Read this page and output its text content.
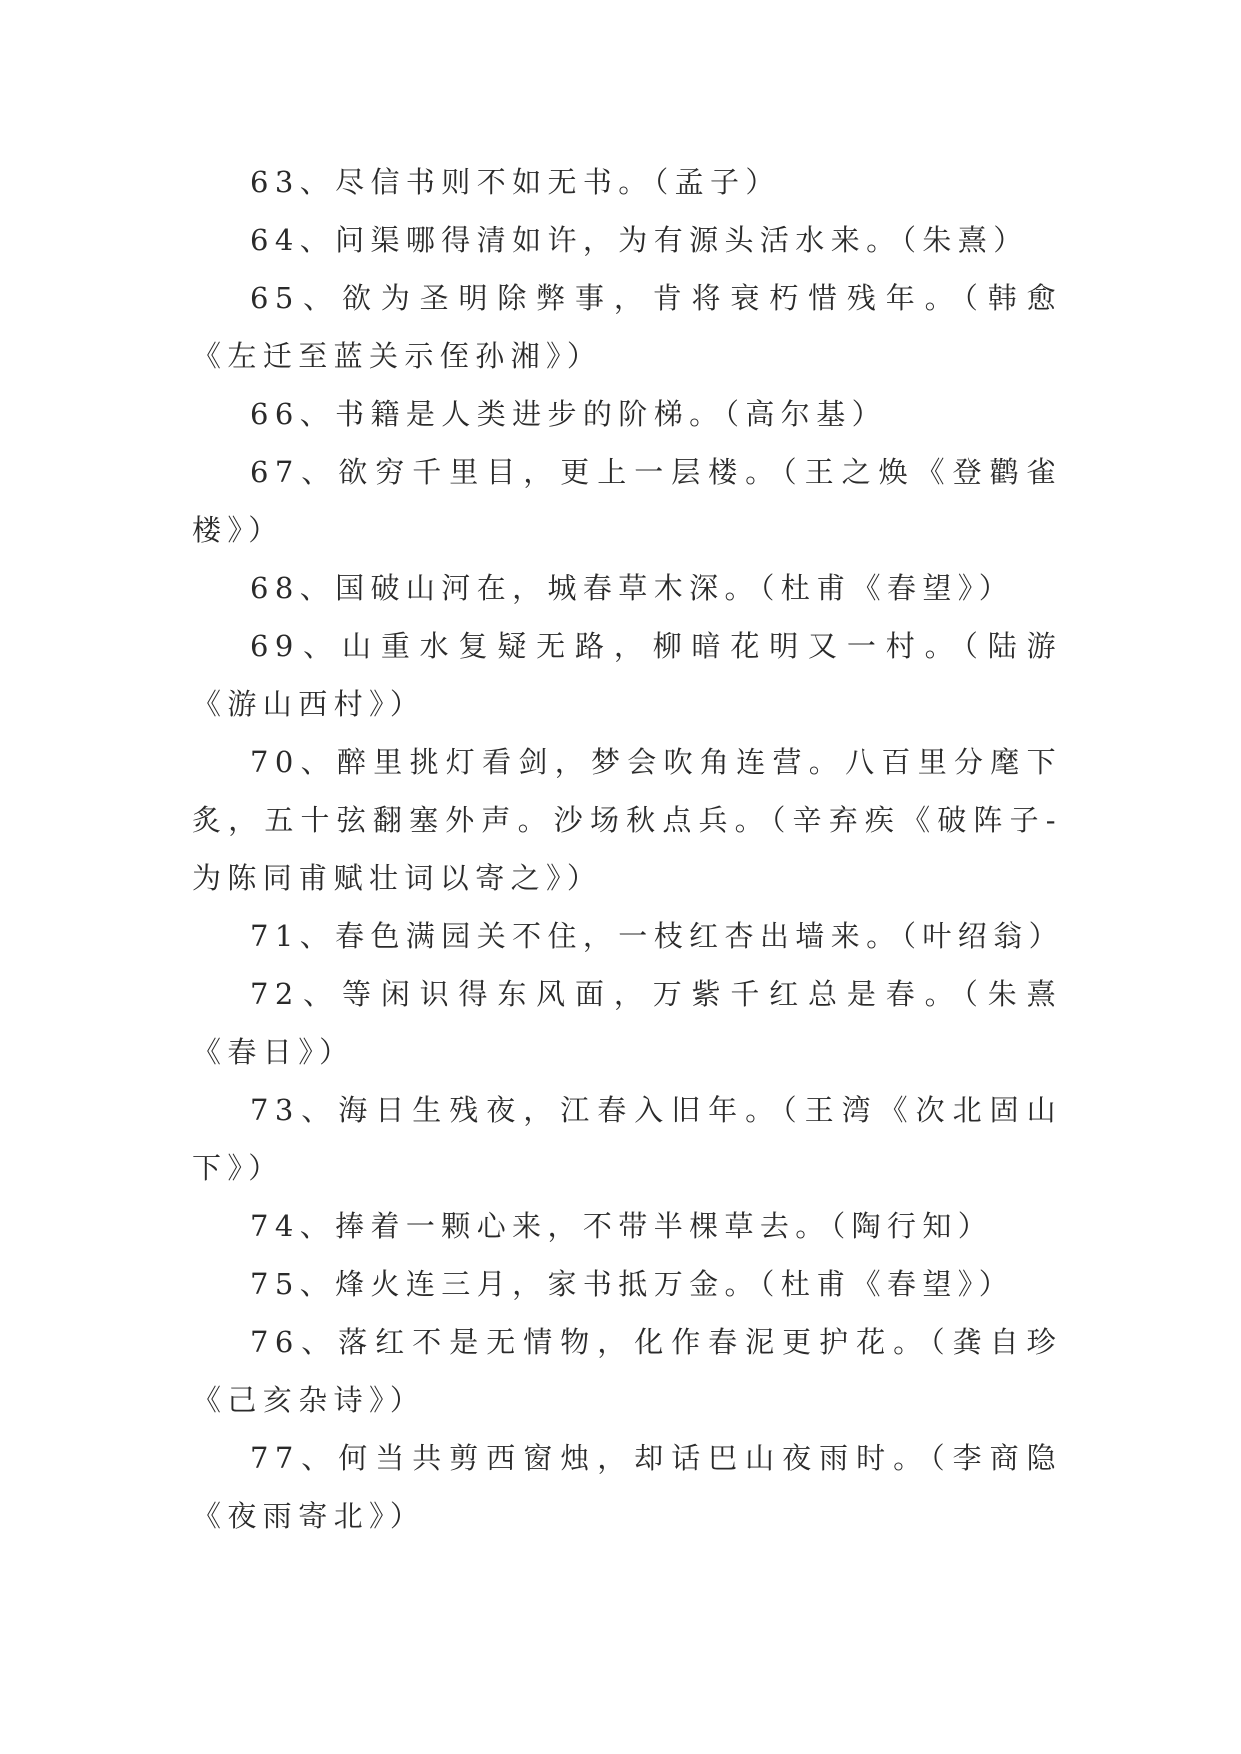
63、尽信书则不如无书。（孟子）

64、问渠哪得清如许，为有源头活水来。（朱熹）

65、欲为圣明除弊事，肯将衰朽惜残年。（韩愈《左迁至蓝关示侄孙湘》）

66、书籍是人类进步的阶梯。（高尔基）

67、欲穷千里目，更上一层楼。（王之焕《登鹳雀楼》）

68、国破山河在，城春草木深。（杜甫《春望》）

69、山重水复疑无路，柳暗花明又一村。（陆游《游山西村》）

70、醉里挑灯看剑，梦会吹角连营。八百里分麾下炙，五十弦翻塞外声。沙场秋点兵。（辛弃疾《破阵子-为陈同甫赋壮词以寄之》）

71、春色满园关不住，一枝红杏出墙来。（叶绍翁）

72、等闲识得东风面，万紫千红总是春。（朱熹《春日》）

73、海日生残夜，江春入旧年。（王湾《次北固山下》）

74、捧着一颗心来，不带半棵草去。（陶行知）

75、烽火连三月，家书抵万金。（杜甫《春望》）

76、落红不是无情物，化作春泥更护花。（龚自珍《己亥杂诗》）

77、何当共剪西窗烛，却话巴山夜雨时。（李商隐《夜雨寄北》）
